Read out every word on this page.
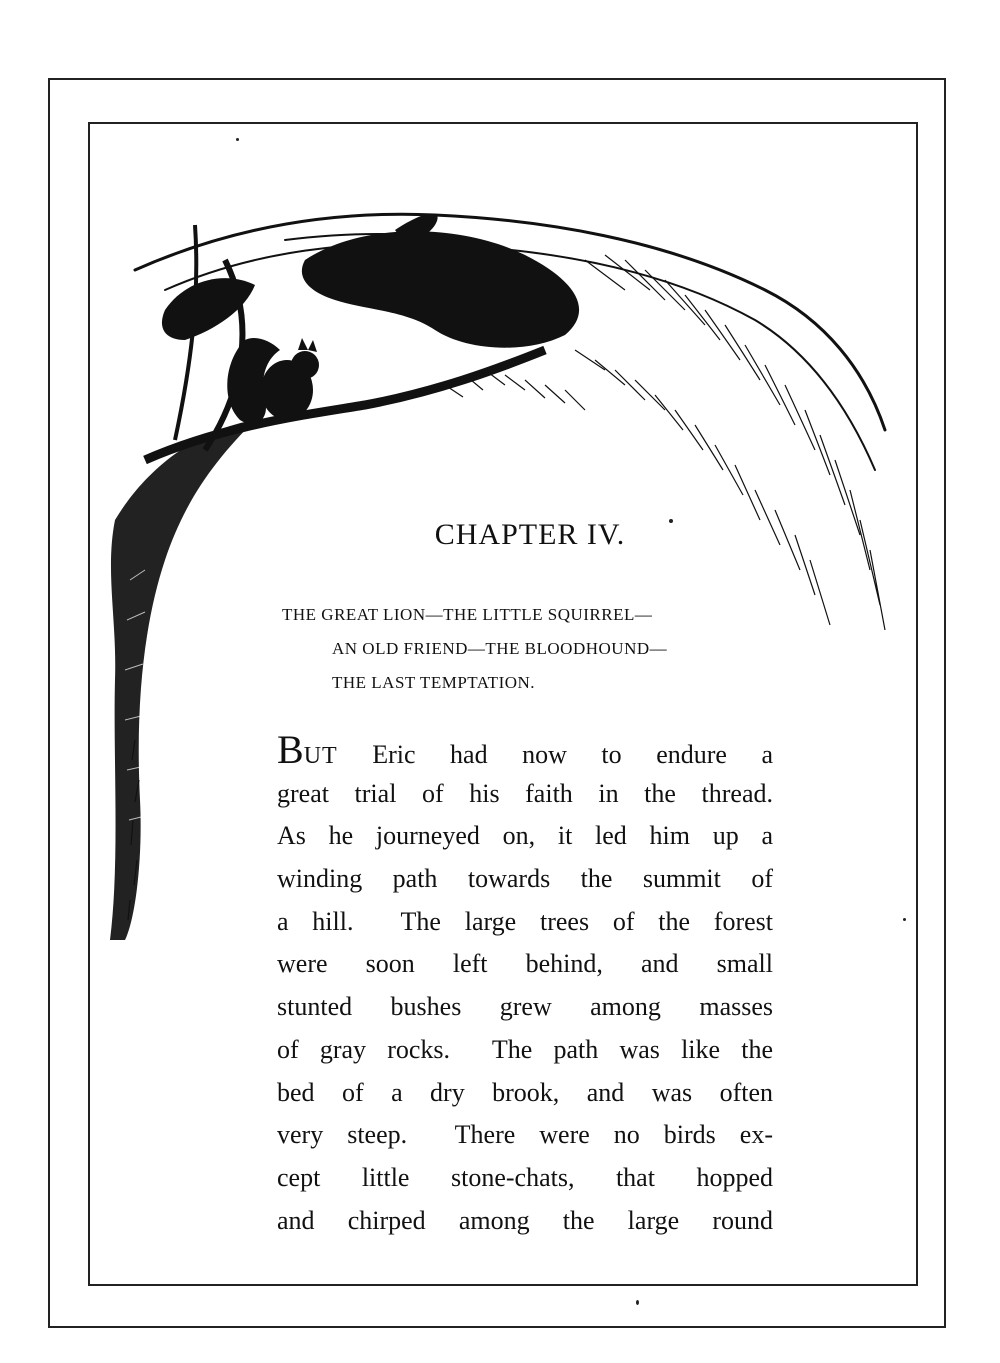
CHAPTER IV.
THE GREAT LION—THE LITTLE SQUIRREL—
AN OLD FRIEND—THE BLOODHOUND—
THE LAST TEMPTATION.
BUT Eric had now to endure a
great trial of his faith in the thread.
As he journeyed on, it led him up a
winding path towards the summit of
a hill.  The large trees of the forest
were soon left behind, and small
stunted bushes grew among masses
of gray rocks.  The path was like the
bed of a dry brook, and was often
very steep.  There were no birds ex-
cept little stone-chats, that hopped
and chirped among the large round
